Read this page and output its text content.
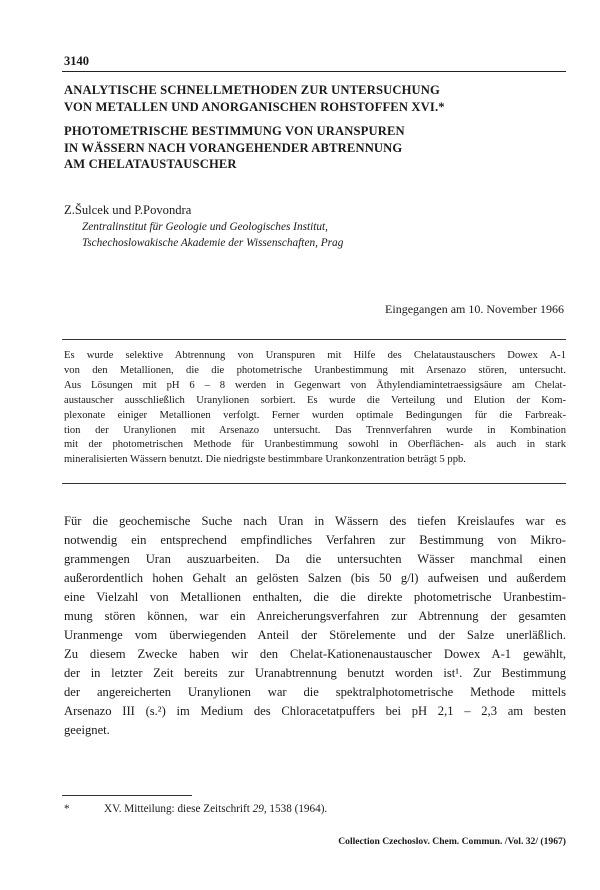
3140
ANALYTISCHE SCHNELLMETHODEN ZUR UNTERSUCHUNG
VON METALLEN UND ANORGANISCHEN ROHSTOFFEN XVI.*
PHOTOMETRISCHE BESTIMMUNG VON URANSPUREN
IN WÄSSERN NACH VORANGEHENDER ABTRENNUNG
AM CHELATAUSTAUSCHER
Z.Šulcek und P.Povondra
Zentralinstitut für Geologie und Geologisches Institut,
Tschechoslowakische Akademie der Wissenschaften, Prag
Eingegangen am 10. November 1966
Es wurde selektive Abtrennung von Uranspuren mit Hilfe des Chelataustauschers Dowex A-1
von den Metallionen, die die photometrische Uranbestimmung mit Arsenazo stören, untersucht.
Aus Lösungen mit pH 6 – 8 werden in Gegenwart von Äthylendiamintetraessigsäure am Chelat-
austauscher ausschließlich Uranylionen sorbiert. Es wurde die Verteilung und Elution der Kom-
plexonate einiger Metallionen verfolgt. Ferner wurden optimale Bedingungen für die Farbreak-
tion der Uranylionen mit Arsenazo untersucht. Das Trennverfahren wurde in Kombination
mit der photometrischen Methode für Uranbestimmung sowohl in Oberflächen- als auch in stark
mineralisierten Wässern benutzt. Die niedrigste bestimmbare Urankonzentration beträgt 5 ppb.
Für die geochemische Suche nach Uran in Wässern des tiefen Kreislaufes war es
notwendig ein entsprechend empfindliches Verfahren zur Bestimmung von Mikro-
grammengen Uran auszuarbeiten. Da die untersuchten Wässer manchmal einen
außerordentlich hohen Gehalt an gelösten Salzen (bis 50 g/l) aufweisen und außerdem
eine Vielzahl von Metallionen enthalten, die die direkte photometrische Uranbestim-
mung stören können, war ein Anreicherungsverfahren zur Abtrennung der gesamten
Uranmenge vom überwiegenden Anteil der Störelemente und der Salze unerläßlich.
Zu diesem Zwecke haben wir den Chelat-Kationenaustauscher Dowex A-1 gewählt,
der in letzter Zeit bereits zur Uranabtrennung benutzt worden ist¹. Zur Bestimmung
der angereicherten Uranylionen war die spektralphotometrische Methode mittels
Arsenazo III (s.²) im Medium des Chloracetatpuffers bei pH 2,1 – 2,3 am besten
geeignet.
*	XV. Mitteilung: diese Zeitschrift 29, 1538 (1964).
Collection Czechoslov. Chem. Commun. /Vol. 32/ (1967)
